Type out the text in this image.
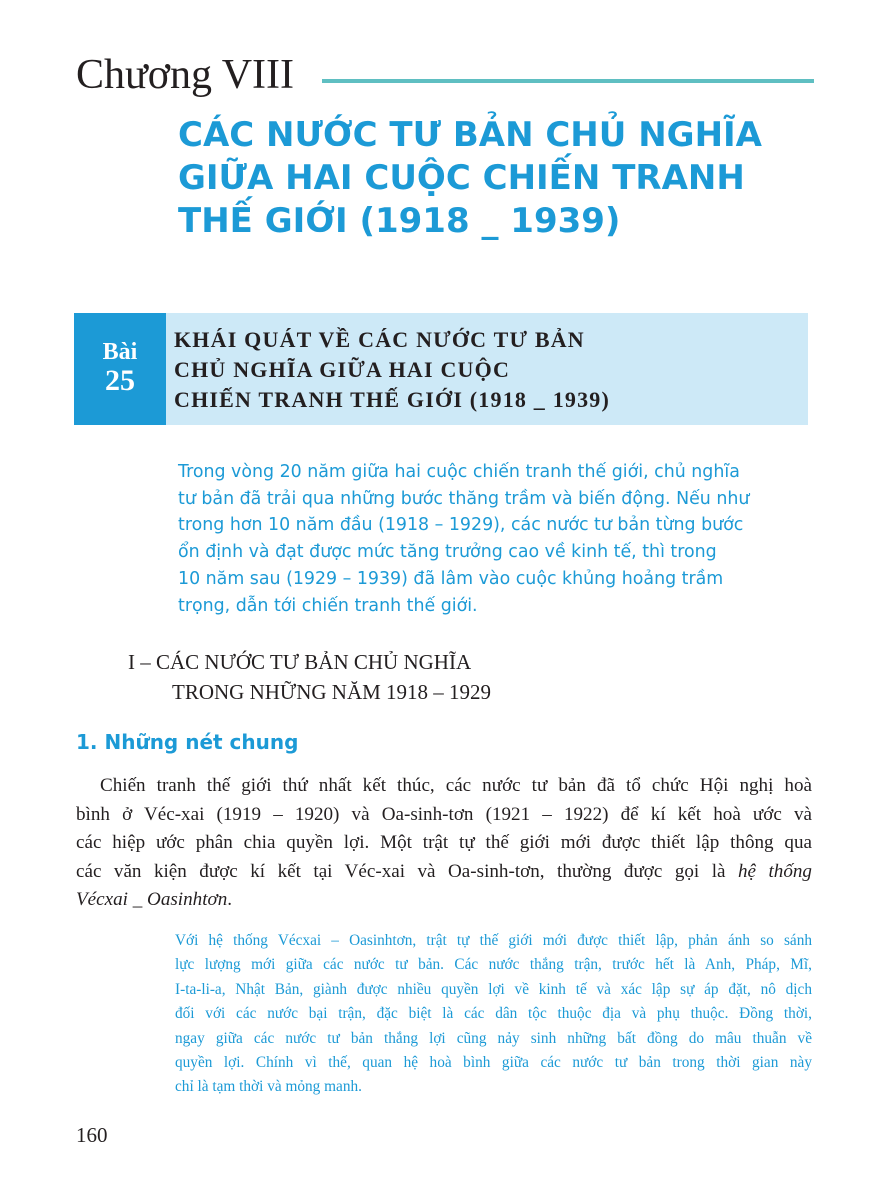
Chương VIII
CÁC NƯỚC TƯ BẢN CHỦ NGHĨA
GIỮA HAI CUỘC CHIẾN TRANH
THẾ GIỚI (1918 _ 1939)
Bài
25
KHÁI QUÁT VỀ CÁC NƯỚC TƯ BẢN
CHỦ NGHĨA GIỮA HAI CUỘC
CHIẾN TRANH THẾ GIỚI (1918 _ 1939)
Trong vòng 20 năm giữa hai cuộc chiến tranh thế giới, chủ nghĩa
tư bản đã trải qua những bước thăng trầm và biến động. Nếu như
trong hơn 10 năm đầu (1918 – 1929), các nước tư bản từng bước
ổn định và đạt được mức tăng trưởng cao về kinh tế, thì trong
10 năm sau (1929 – 1939) đã lâm vào cuộc khủng hoảng trầm
trọng, dẫn tới chiến tranh thế giới.
I – CÁC NƯỚC TƯ BẢN CHỦ NGHĨA
TRONG NHỮNG NĂM 1918 – 1929
1. Những nét chung
Chiến tranh thế giới thứ nhất kết thúc, các nước tư bản đã tổ chức Hội nghị hoà
bình ở Véc-xai (1919 – 1920) và Oa-sinh-tơn (1921 – 1922) để kí kết hoà ước và
các hiệp ước phân chia quyền lợi. Một trật tự thế giới mới được thiết lập thông qua
các văn kiện được kí kết tại Véc-xai và Oa-sinh-tơn, thường được gọi là hệ thống
Vécxai _ Oasinhtơn.
Với hệ thống Vécxai – Oasinhtơn, trật tự thế giới mới được thiết lập, phản ánh so sánh
lực lượng mới giữa các nước tư bản. Các nước thắng trận, trước hết là Anh, Pháp, Mĩ,
I-ta-li-a, Nhật Bản, giành được nhiều quyền lợi về kinh tế và xác lập sự áp đặt, nô dịch
đối với các nước bại trận, đặc biệt là các dân tộc thuộc địa và phụ thuộc. Đồng thời,
ngay giữa các nước tư bản thắng lợi cũng nảy sinh những bất đồng do mâu thuẫn về
quyền lợi. Chính vì thế, quan hệ hoà bình giữa các nước tư bản trong thời gian này
chỉ là tạm thời và mỏng manh.
160
